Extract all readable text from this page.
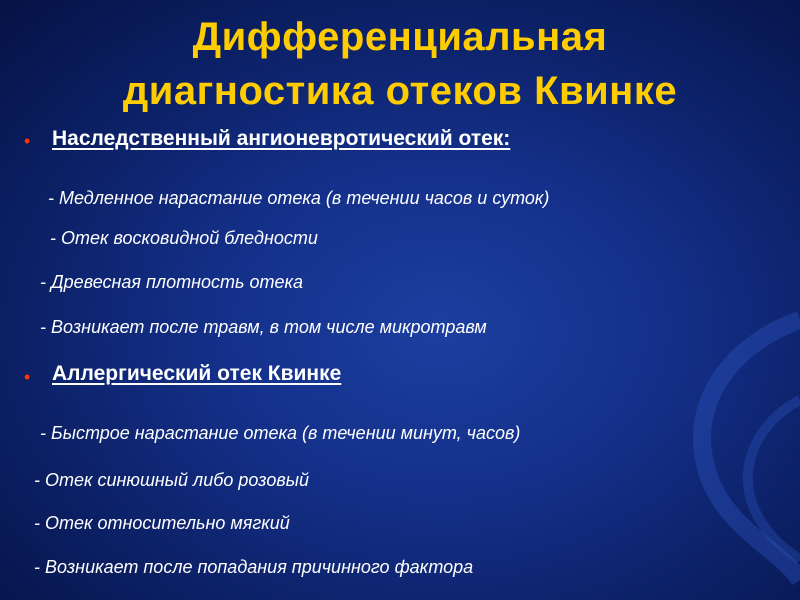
Дифференциальная
диагностика отеков Квинке
• Наследственный ангионевротический отек:
- Медленное нарастание отека (в течении часов и суток)
- Отек восковидной бледности
- Древесная плотность отека
- Возникает после травм, в том числе микротравм
• Аллергический отек Квинке
- Быстрое нарастание отека (в течении минут, часов)
- Отек синюшный либо розовый
- Отек относительно мягкий
- Возникает после попадания причинного фактора
